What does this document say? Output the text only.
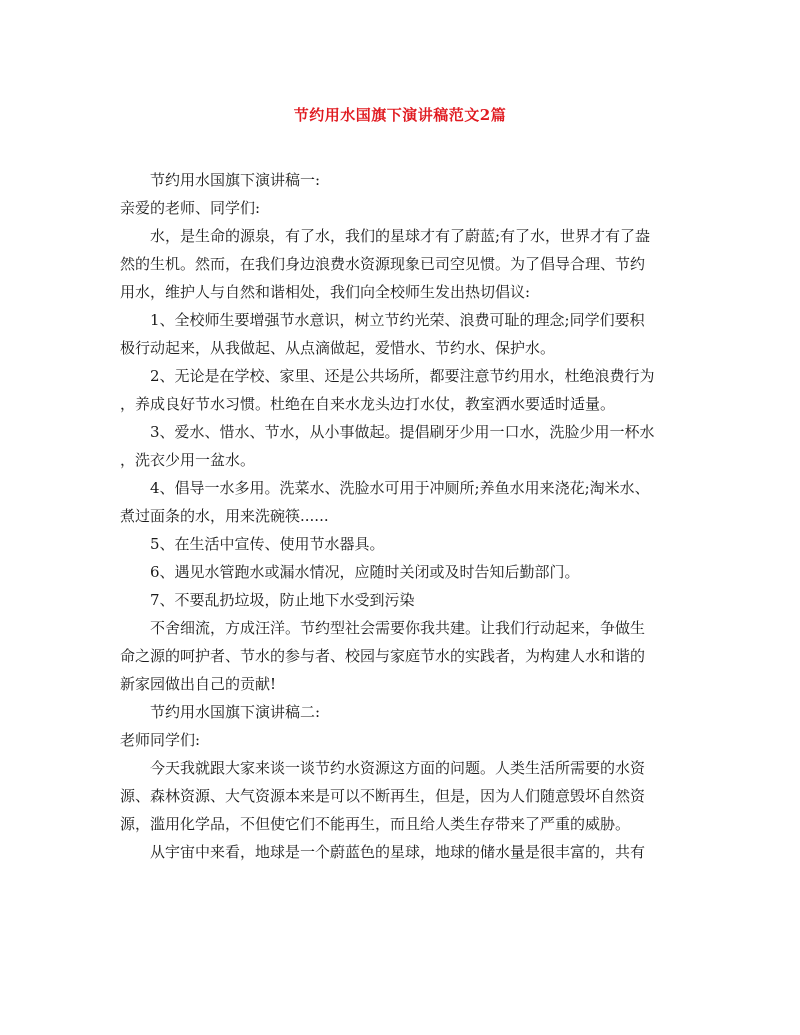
节约用水国旗下演讲稿范文2篇
节约用水国旗下演讲稿一:
亲爱的老师、同学们:
水，是生命的源泉，有了水，我们的星球才有了蔚蓝;有了水，世界才有了盎
然的生机。然而，在我们身边浪费水资源现象已司空见惯。为了倡导合理、节约
用水，维护人与自然和谐相处，我们向全校师生发出热切倡议:
1、全校师生要增强节水意识，树立节约光荣、浪费可耻的理念;同学们要积
极行动起来，从我做起、从点滴做起，爱惜水、节约水、保护水。
2、无论是在学校、家里、还是公共场所，都要注意节约用水，杜绝浪费行为
，养成良好节水习惯。杜绝在自来水龙头边打水仗，教室洒水要适时适量。
3、爱水、惜水、节水，从小事做起。提倡刷牙少用一口水，洗脸少用一杯水
，洗衣少用一盆水。
4、倡导一水多用。洗菜水、洗脸水可用于冲厕所;养鱼水用来浇花;淘米水、
煮过面条的水，用来洗碗筷......
5、在生活中宣传、使用节水器具。
6、遇见水管跑水或漏水情况，应随时关闭或及时告知后勤部门。
7、不要乱扔垃圾，防止地下水受到污染
不舍细流，方成汪洋。节约型社会需要你我共建。让我们行动起来，争做生
命之源的呵护者、节水的参与者、校园与家庭节水的实践者，为构建人水和谐的
新家园做出自己的贡献!
节约用水国旗下演讲稿二:
老师同学们:
今天我就跟大家来谈一谈节约水资源这方面的问题。人类生活所需要的水资
源、森林资源、大气资源本来是可以不断再生，但是，因为人们随意毁坏自然资
源，滥用化学品，不但使它们不能再生，而且给人类生存带来了严重的威胁。
从宇宙中来看，地球是一个蔚蓝色的星球，地球的储水量是很丰富的，共有
